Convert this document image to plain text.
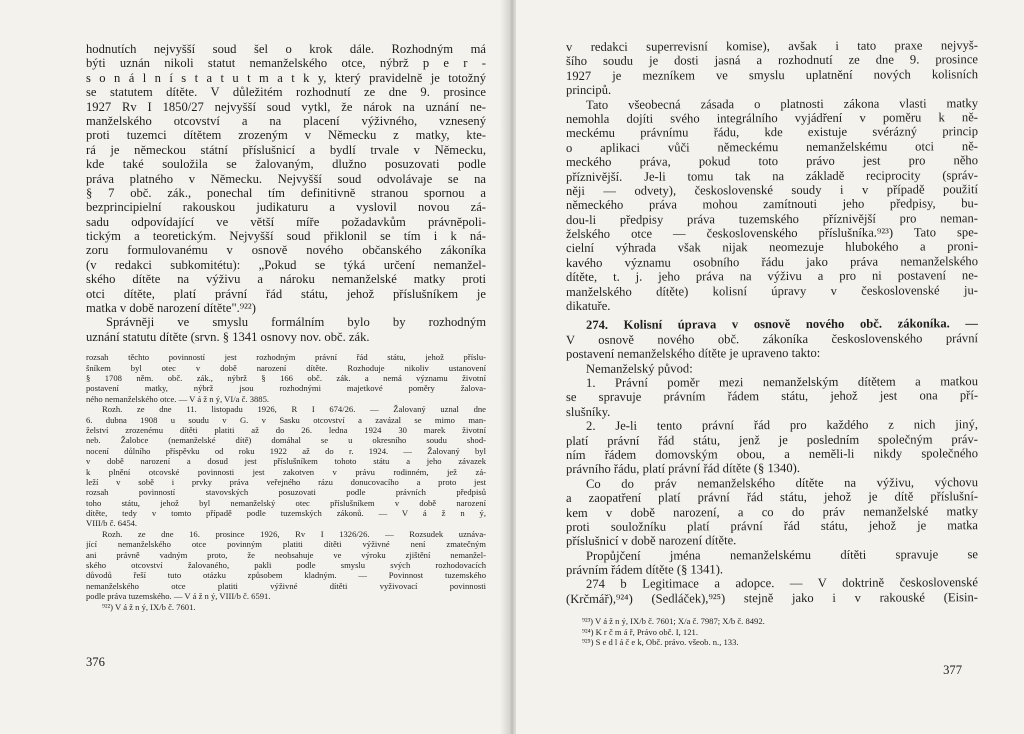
hodnutích nejvyšší soud šel o krok dále. Rozhodným má
býti uznán nikoli statut nemanželského otce, nýbrž p e r -
s o n á l n í s t a t u t m a t k y, který pravidelně je totožný
se statutem dítěte. V důležitém rozhodnutí ze dne 9. prosince
1927 Rv I 1850/27 nejvyšší soud vytkl, že nárok na uznání ne-
manželského otcovství a na placení výživného, vznesený
proti tuzemci dítětem zrozeným v Německu z matky, kte-
rá je německou státní příslušnicí a bydlí trvale v Německu,
kde také souložila se žalovaným, dlužno posuzovati podle
práva platného v Německu. Nejvyšší soud odvolávaje se na
§ 7 obč. zák., ponechal tím definitivně stranou spornou a
bezprincipielní rakouskou judikaturu a vyslovil novou zá-
sadu odpovídající ve větší míře požadavkům právněpoli-
tickým a teoretickým. Nejvyšší soud přiklonil se tím i k ná-
zoru formulovanému v osnově nového občanského zákoníka
(v redakci subkomitétu): „Pokud se týká určení nemanžel-
ského dítěte na výživu a nároku nemanželské matky proti
otci dítěte, platí právní řád státu, jehož příslušníkem je
matka v době narození dítěte".⁹²²)
Správněji ve smyslu formálním bylo by rozhodným
uznání statutu dítěte (srvn. § 1341 osnovy nov. obč. zák.
rozsah těchto povinností jest rozhodným právní řád státu, jehož příslu-
šníkem byl otec v době narození dítěte. Rozhoduje nikoliv ustanovení
§ 1708 něm. obč. zák., nýbrž § 166 obč. zák. a nemá významu životní
postavení matky, nýbrž jsou rozhodnými majetkové poměry žalova-
ného nemanželského otce. — V á ž n ý, VI/a č. 3885.
Rozh. ze dne 11. listopadu 1926, R I 674/26. — Žalovaný uznal dne
6. dubna 1908 u soudu v G. v Sasku otcovství a zavázal se mimo man-
želství zrozenému dítěti platiti až do 26. ledna 1924 30 marek životní
neb. Žalobce (nemanželské dítě) domáhal se u okresního soudu shod-
nocení důlního příspěvku od roku 1922 až do r. 1924. — Žalovaný byl
v době narození a dosud jest příslušníkem tohoto státu a jeho závazek
k plnění otcovské povinnosti jest zakotven v právu rodinném, jež zá-
leží v sobě i prvky práva veřejného rázu donucovacího a proto jest
rozsah povinností stavovských posuzovati podle právních předpisů
toho státu, jehož byl nemanželský otec příslušníkem v době narození
dítěte, tedy v tomto případě podle tuzemských zákonů. — V á ž n ý,
VIII/b č. 6454.
Rozh. ze dne 16. prosince 1926, Rv I 1326/26. — Rozsudek uznáva-
jící nemanželského otce povinným platiti dítěti výživné není zmatečným
ani právně vadným proto, že neobsahuje ve výroku zjištění nemanžel-
ského otcovství žalovaného, pakli podle smyslu svých rozhodovacích
důvodů řeší tuto otázku způsobem kladným. — Povinnost tuzemského
nemanželského otce platiti výživné dítěti vyživovací povinnosti
podle práva tuzemského. — V á ž n ý, VIII/b č. 6591.
⁹²²) V á ž n ý, IX/b č. 7601.
376
v redakci superrevisní komise), avšak i tato praxe nejvyš-
šího soudu je dosti jasná a rozhodnutí ze dne 9. prosince
1927 je mezníkem ve smyslu uplatnění nových kolisních
principů.
Tato všeobecná zásada o platnosti zákona vlasti matky
nemohla dojíti svého integrálního vyjádření v poměru k ně-
meckému právnímu řádu, kde existuje svérázný princip
o aplikaci vůči německému nemanželskému otci ně-
meckého práva, pokud toto právo jest pro něho
příznivější. Je-li tomu tak na základě reciprocity (správ-
něji — odvety), československé soudy i v případě použití
německého práva mohou zamítnouti jeho předpisy, bu-
dou-li předpisy práva tuzemského příznivější pro neman-
želského otce — československého příslušníka.⁹²³) Tato spe-
cielní výhrada však nijak neomezuje hlubokého a proni-
kavého významu osobního řádu jako práva nemanželského
dítěte, t. j. jeho práva na výživu a pro ni postavení ne-
manželského dítěte) kolisní úpravy v československé ju-
dikatuře.
274. Kolisní úprava v osnově nového obč. zákoníka. —
V osnově nového obč. zákoníka československého právní
postavení nemanželského dítěte je upraveno takto:
Nemanželský původ:
1. Právní poměr mezi nemanželským dítětem a matkou
se spravuje právním řádem státu, jehož jest ona pří-
slušníky.
2. Je-li tento právní řád pro každého z nich jiný,
platí právní řád státu, jenž je posledním společným práv-
ním řádem domovským obou, a neměli-li nikdy společného
právního řádu, platí právní řád dítěte (§ 1340).
Co do práv nemanželského dítěte na výživu, výchovu
a zaopatření platí právní řád státu, jehož je dítě příslušní-
kem v době narození, a co do práv nemanželské matky
proti souložníku platí právní řád státu, jehož je matka
příslušnicí v době narození dítěte.
Propůjčení jména nemanželskému dítěti spravuje se
právním řádem dítěte (§ 1341).
274 b Legitimace a adopce. — V doktrině československé
(Krčmář),⁹²⁴) (Sedláček),⁹²⁵) stejně jako i v rakouské (Eisin-
⁹²³) V á ž n ý, IX/b č. 7601; X/a č. 7987; X/b č. 8492.
⁹²⁴) K r č m á ř, Právo obč. I, 121.
⁹²⁵) S e d l á č e k, Obč. právo. všeob. n., 133.
377
